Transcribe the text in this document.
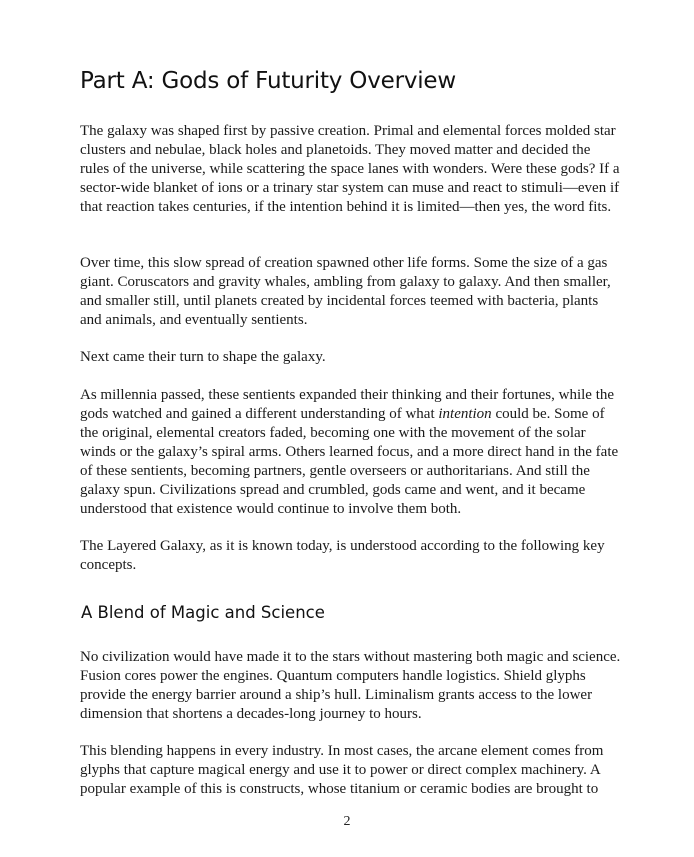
Part A: Gods of Futurity Overview

The galaxy was shaped first by passive creation. Primal and elemental forces molded star clusters and nebulae, black holes and planetoids. They moved matter and decided the rules of the universe, while scattering the space lanes with wonders. Were these gods? If a sector-wide blanket of ions or a trinary star system can muse and react to stimuli—even if that reaction takes centuries, if the intention behind it is limited—then yes, the word fits.

Over time, this slow spread of creation spawned other life forms. Some the size of a gas giant. Coruscators and gravity whales, ambling from galaxy to galaxy. And then smaller, and smaller still, until planets created by incidental forces teemed with bacteria, plants and animals, and eventually sentients.

Next came their turn to shape the galaxy.

As millennia passed, these sentients expanded their thinking and their fortunes, while the gods watched and gained a different understanding of what intention could be. Some of the original, elemental creators faded, becoming one with the movement of the solar winds or the galaxy’s spiral arms. Others learned focus, and a more direct hand in the fate of these sentients, becoming partners, gentle overseers or authoritarians. And still the galaxy spun. Civilizations spread and crumbled, gods came and went, and it became understood that existence would continue to involve them both.

The Layered Galaxy, as it is known today, is understood according to the following key concepts.

A Blend of Magic and Science

No civilization would have made it to the stars without mastering both magic and science. Fusion cores power the engines. Quantum computers handle logistics. Shield glyphs provide the energy barrier around a ship’s hull. Liminalism grants access to the lower dimension that shortens a decades-long journey to hours.

This blending happens in every industry. In most cases, the arcane element comes from glyphs that capture magical energy and use it to power or direct complex machinery. A popular example of this is constructs, whose titanium or ceramic bodies are brought to

2
